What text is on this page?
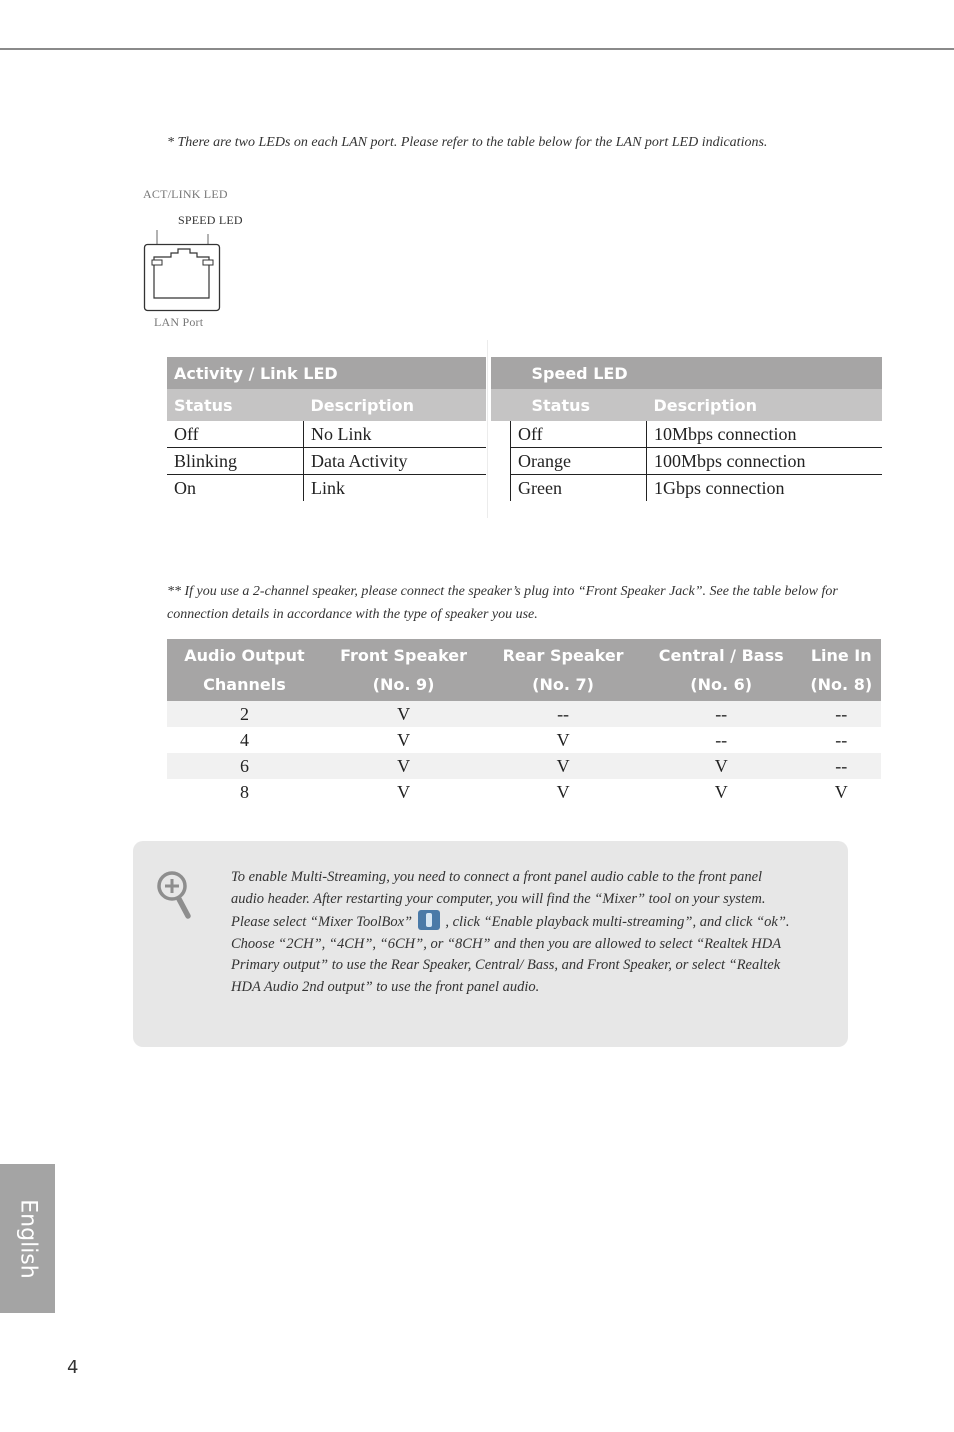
* There are two LEDs on each LAN port. Please refer to the table below for the LAN port LED indications.
ACT/LINK LED
SPEED LED
LAN Port
Activity / Link LED	
Status	Description
Off	No Link
Blinking	Data Activity
On	Link
	Speed LED	
	Status	Description
	Off	10Mbps connection
	Orange	100Mbps connection
	Green	1Gbps connection
** If you use a 2-channel speaker, please connect the speaker’s plug into “Front Speaker Jack”. See the table below for connection details in accordance with the type of speaker you use.
Audio Output	Front Speaker	Rear Speaker	Central / Bass	Line In
Channels	(No. 9)	(No. 7)	(No. 6)	(No. 8)
2	V	--	--	--
4	V	V	--	--
6	V	V	V	--
8	V	V	V	V
To enable Multi-Streaming, you need to connect a front panel audio cable to the front panel audio header. After restarting your computer, you will find the “Mixer” tool on your system. Please select “Mixer ToolBox”  , click “Enable playback multi-streaming”, and click “ok”. Choose “2CH”, “4CH”, “6CH”, or “8CH” and then you are allowed to select “Realtek HDA Primary output” to use the Rear Speaker, Central/ Bass, and Front Speaker, or select “Realtek HDA Audio 2nd output” to use the front panel audio.
English
4
